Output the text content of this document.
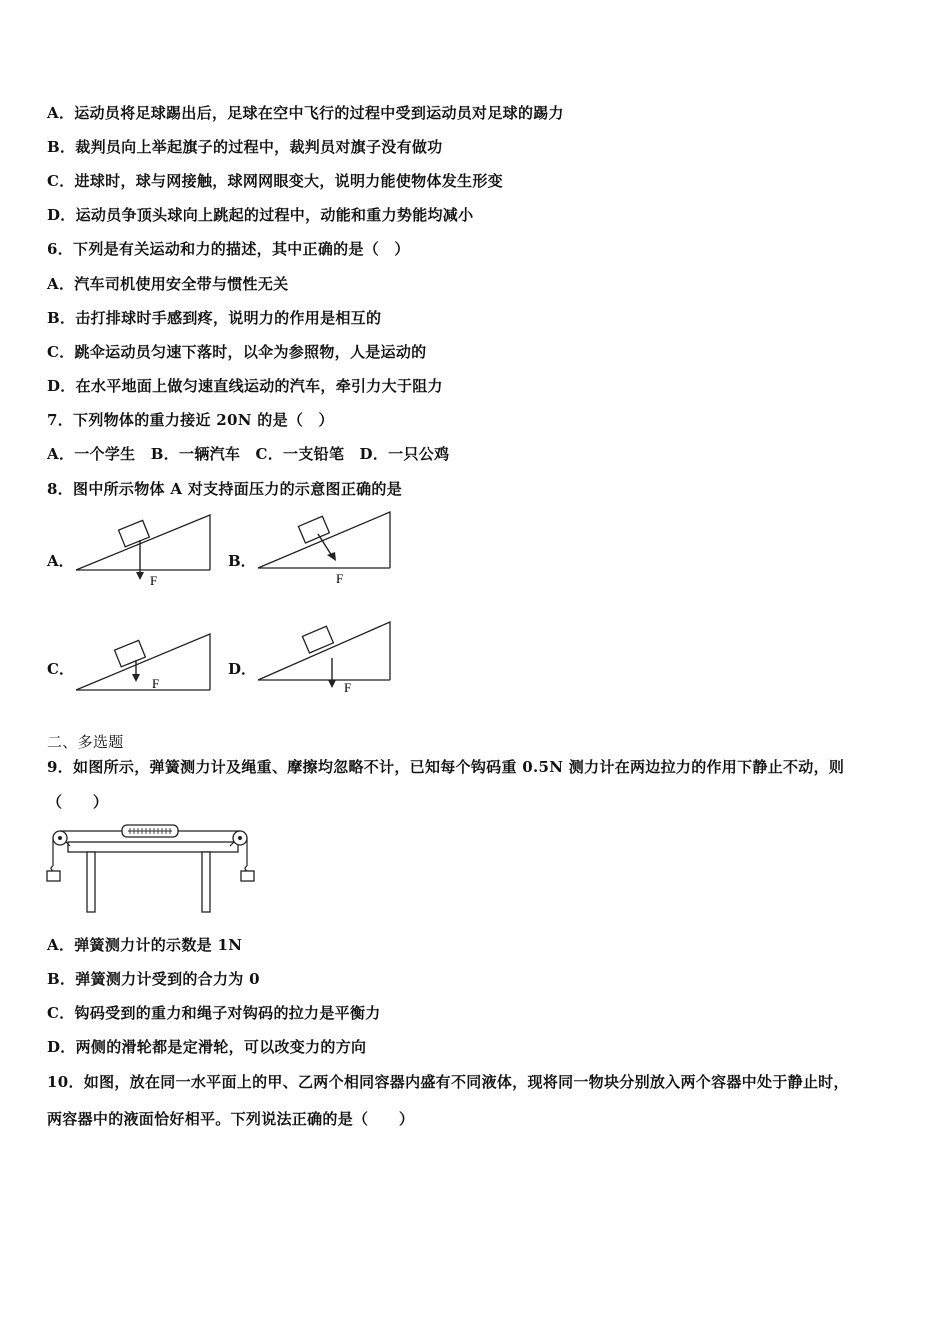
A．运动员将足球踢出后，足球在空中飞行的过程中受到运动员对足球的踢力
B．裁判员向上举起旗子的过程中，裁判员对旗子没有做功
C．进球时，球与网接触，球网网眼变大，说明力能使物体发生形变
D．运动员争顶头球向上跳起的过程中，动能和重力势能均减小
6．下列是有关运动和力的描述，其中正确的是（　）
A．汽车司机使用安全带与惯性无关
B．击打排球时手感到疼，说明力的作用是相互的
C．跳伞运动员匀速下落时，以伞为参照物，人是运动的
D．在水平地面上做匀速直线运动的汽车，牵引力大于阻力
7．下列物体的重力接近 20N 的是（　）
A．一个学生　B．一辆汽车　C．一支铅笔　D．一只公鸡
8．图中所示物体 A 对支持面压力的示意图正确的是
A．
F
B．
F
C．
F
D．
F
二、多选题
9．如图所示，弹簧测力计及绳重、摩擦均忽略不计，已知每个钩码重 0.5N 测力计在两边拉力的作用下静止不动，则
（　　）
A．弹簧测力计的示数是 1N
B．弹簧测力计受到的合力为 0
C．钩码受到的重力和绳子对钩码的拉力是平衡力
D．两侧的滑轮都是定滑轮，可以改变力的方向
10．如图，放在同一水平面上的甲、乙两个相同容器内盛有不同液体，现将同一物块分别放入两个容器中处于静止时，
两容器中的液面恰好相平。下列说法正确的是（　　）
